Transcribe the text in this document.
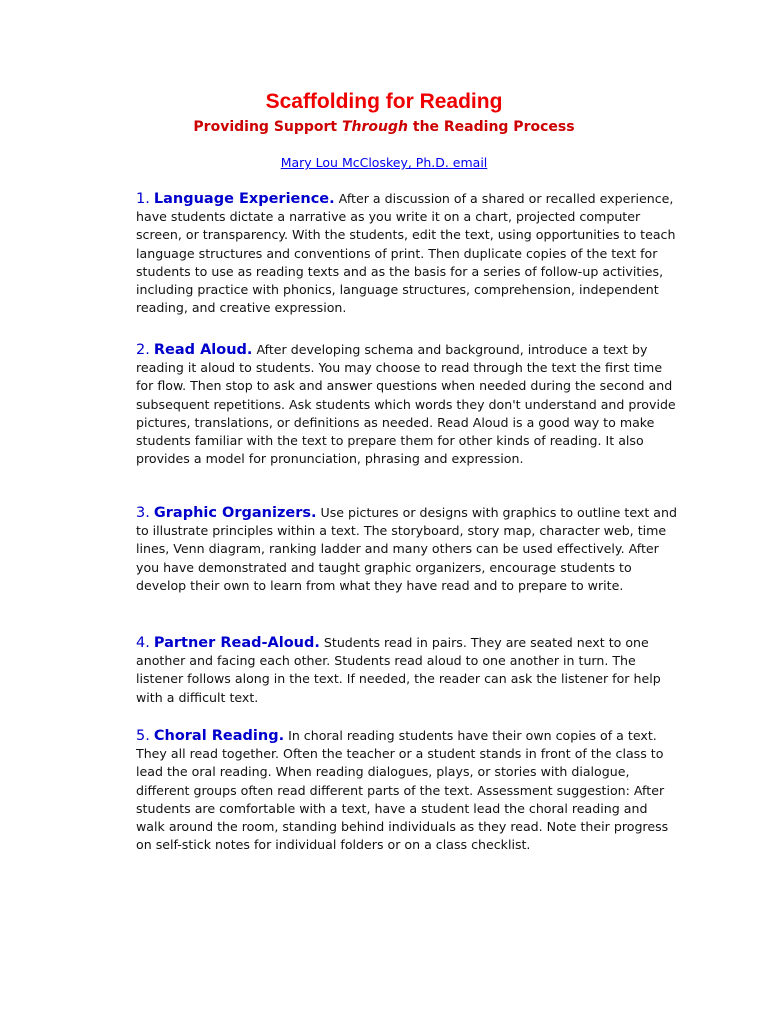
Scaffolding for Reading
Providing Support Through the Reading Process
Mary Lou McCloskey, Ph.D. email

1. Language Experience. After a discussion of a shared or recalled experience, have students dictate a narrative as you write it on a chart, projected computer screen, or transparency. With the students, edit the text, using opportunities to teach language structures and conventions of print. Then duplicate copies of the text for students to use as reading texts and as the basis for a series of follow-up activities, including practice with phonics, language structures, comprehension, independent reading, and creative expression.

2. Read Aloud. After developing schema and background, introduce a text by reading it aloud to students. You may choose to read through the text the first time for flow. Then stop to ask and answer questions when needed during the second and subsequent repetitions. Ask students which words they don't understand and provide pictures, translations, or definitions as needed. Read Aloud is a good way to make students familiar with the text to prepare them for other kinds of reading. It also provides a model for pronunciation, phrasing and expression.

3. Graphic Organizers. Use pictures or designs with graphics to outline text and to illustrate principles within a text. The storyboard, story map, character web, time lines, Venn diagram, ranking ladder and many others can be used effectively. After you have demonstrated and taught graphic organizers, encourage students to develop their own to learn from what they have read and to prepare to write.

4. Partner Read-Aloud. Students read in pairs. They are seated next to one another and facing each other. Students read aloud to one another in turn. The listener follows along in the text. If needed, the reader can ask the listener for help with a difficult text.

5. Choral Reading. In choral reading students have their own copies of a text. They all read together. Often the teacher or a student stands in front of the class to lead the oral reading. When reading dialogues, plays, or stories with dialogue, different groups often read different parts of the text. Assessment suggestion: After students are comfortable with a text, have a student lead the choral reading and walk around the room, standing behind individuals as they read. Note their progress on self-stick notes for individual folders or on a class checklist.
